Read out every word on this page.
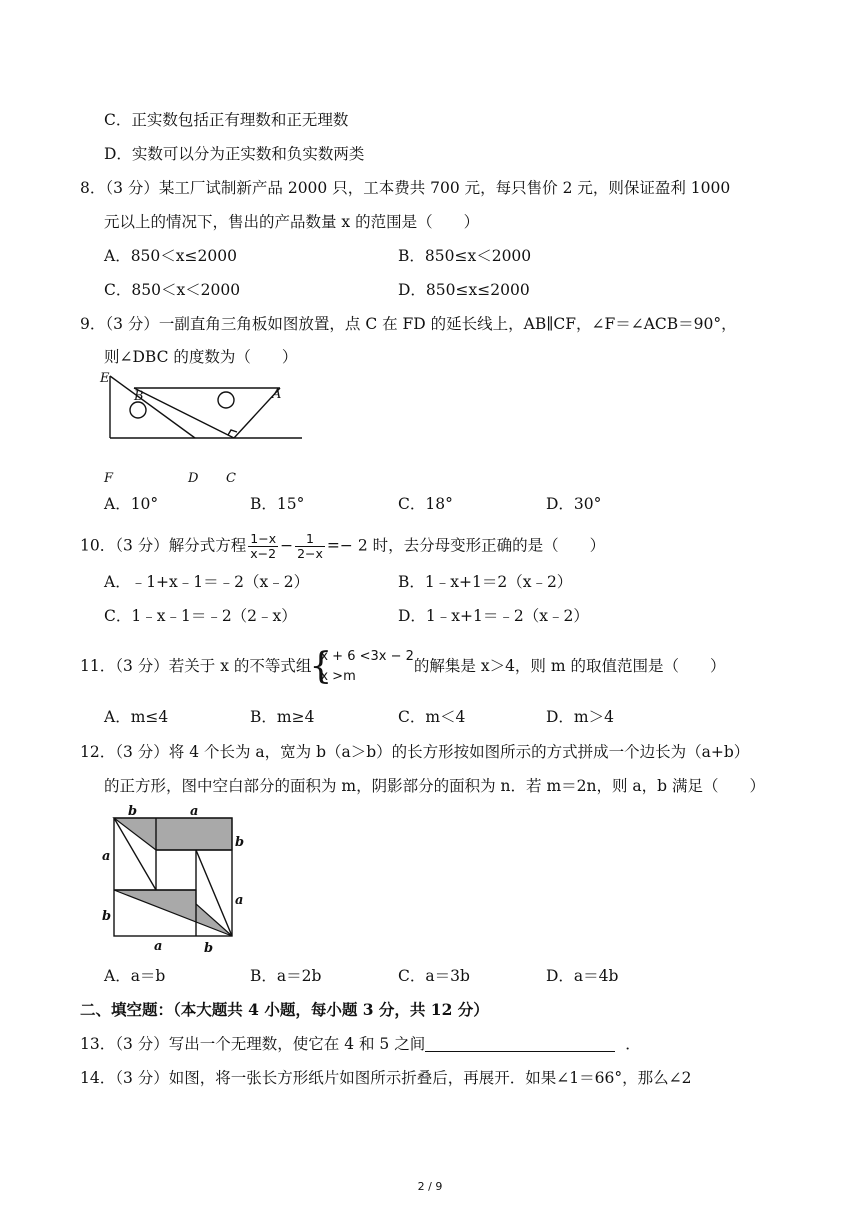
C．正实数包括正有理数和正无理数
D．实数可以分为正实数和负实数两类
8．（3 分）某工厂试制新产品 2000 只，工本费共 700 元，每只售价 2 元，则保证盈利 1000
元以上的情况下，售出的产品数量 x 的范围是（　　）
A．850＜x≤2000	B．850≤x＜2000
C．850＜x＜2000	D．850≤x≤2000
9．（3 分）一副直角三角板如图放置，点 C 在 FD 的延长线上，AB∥CF，∠F＝∠ACB＝90°，
则∠DBC 的度数为（　　）
E
B	A
F	D C
A．10°	B．15°	C．18°	D．30°
10．（3 分）解分式方程 $\frac{1-x}{x-2} - \frac{1}{2-x} =- 2$ 时，去分母变形正确的是（　　）
A．﹣1+x﹣1＝﹣2（x﹣2）	B．1﹣x+1＝2（x﹣2）
C．1﹣x﹣1＝﹣2（2﹣x）	D．1﹣x+1＝﹣2（x﹣2）
11．（3 分）若关于 x 的不等式组
{ x + 6 <3x − 2
x >m
的解集是 x＞4，则 m 的取值范围是（　　）
A．m≤4	B．m≥4	C．m＜4	D．m＞4
12．（3 分）将 4 个长为 a，宽为 b（a＞b）的长方形按如图所示的方式拼成一个边长为（a+b）
的正方形，图中空白部分的面积为 m，阴影部分的面积为 n．若 m＝2n，则 a，b 满足（　　）
b	a
b
a
a
b
a	b
A．a＝b	B．a＝2b	C．a＝3b	D．a＝4b
二、填空题：（本大题共 4 小题，每小题 3 分，共 12 分）
13．（3 分）写出一个无理数，使它在 4 和 5 之间	．
14．（3 分）如图，将一张长方形纸片如图所示折叠后，再展开．如果∠1＝66°，那么∠2
2 / 9
